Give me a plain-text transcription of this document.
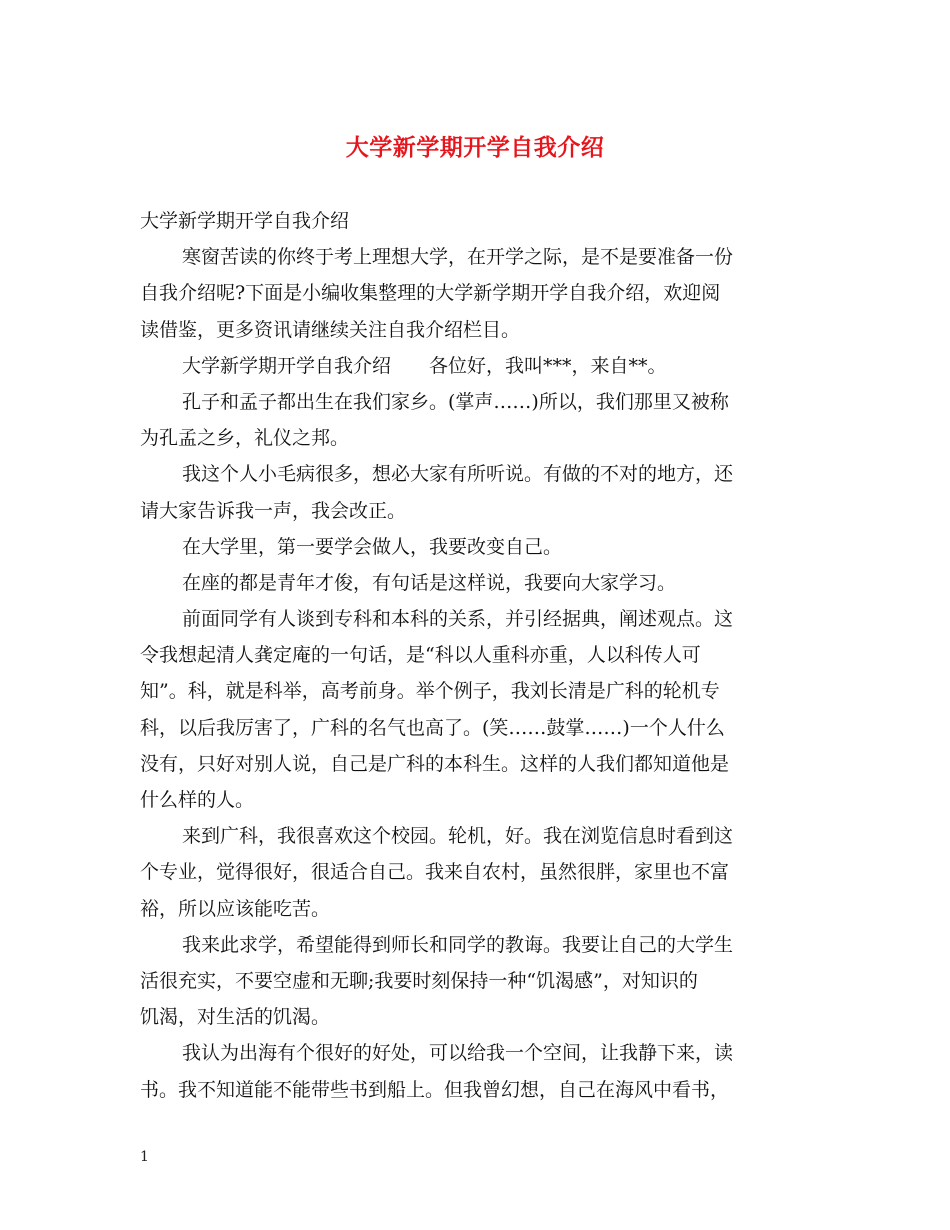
大学新学期开学自我介绍
大学新学期开学自我介绍
寒窗苦读的你终于考上理想大学，在开学之际，是不是要准备一份
自我介绍呢?下面是小编收集整理的大学新学期开学自我介绍，欢迎阅
读借鉴，更多资讯请继续关注自我介绍栏目。
大学新学期开学自我介绍　　各位好，我叫***，来自**。
孔子和孟子都出生在我们家乡。(掌声……)所以，我们那里又被称
为孔孟之乡，礼仪之邦。
我这个人小毛病很多，想必大家有所听说。有做的不对的地方，还
请大家告诉我一声，我会改正。
在大学里，第一要学会做人，我要改变自己。
在座的都是青年才俊，有句话是这样说，我要向大家学习。
前面同学有人谈到专科和本科的关系，并引经据典，阐述观点。这
令我想起清人龚定庵的一句话，是“科以人重科亦重，人以科传人可
知”。科，就是科举，高考前身。举个例子，我刘长清是广科的轮机专
科，以后我厉害了，广科的名气也高了。(笑……鼓掌……)一个人什么
没有，只好对别人说，自己是广科的本科生。这样的人我们都知道他是
什么样的人。
来到广科，我很喜欢这个校园。轮机，好。我在浏览信息时看到这
个专业，觉得很好，很适合自己。我来自农村，虽然很胖，家里也不富
裕，所以应该能吃苦。
我来此求学，希望能得到师长和同学的教诲。我要让自己的大学生
活很充实，不要空虚和无聊;我要时刻保持一种“饥渴感”，对知识的
饥渴，对生活的饥渴。
我认为出海有个很好的好处，可以给我一个空间，让我静下来，读
书。我不知道能不能带些书到船上。但我曾幻想，自己在海风中看书，
1
